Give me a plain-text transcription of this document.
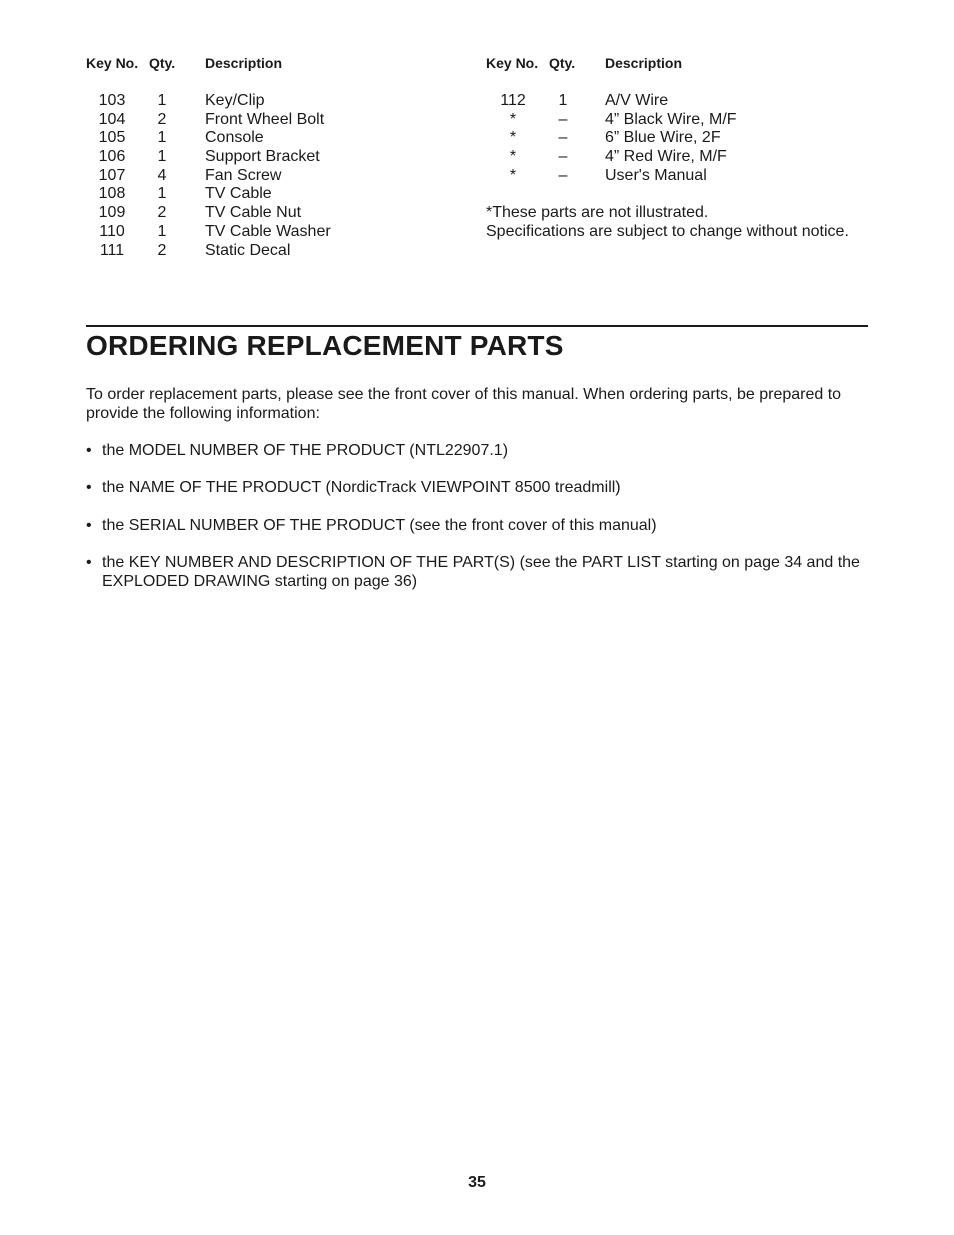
Key No. Qty. Description
103	1	Key/Clip
104	2	Front Wheel Bolt
105	1	Console
106	1	Support Bracket
107	4	Fan Screw
108	1	TV Cable
109	2	TV Cable Nut
110	1	TV Cable Washer
111	2	Static Decal
Key No. Qty. Description
112	1	A/V Wire
*	–	4” Black Wire, M/F
*	–	6” Blue Wire, 2F
*	–	4” Red Wire, M/F
*	–	User's Manual
*These parts are not illustrated.
Specifications are subject to change without notice.
ORDERING REPLACEMENT PARTS

To order replacement parts, please see the front cover of this manual. When ordering parts, be prepared to provide the following information:

• the MODEL NUMBER OF THE PRODUCT (NTL22907.1)
• the NAME OF THE PRODUCT (NordicTrack VIEWPOINT 8500 treadmill)
• the SERIAL NUMBER OF THE PRODUCT (see the front cover of this manual)
• the KEY NUMBER AND DESCRIPTION OF THE PART(S) (see the PART LIST starting on page 34 and the EXPLODED DRAWING starting on page 36)
35
